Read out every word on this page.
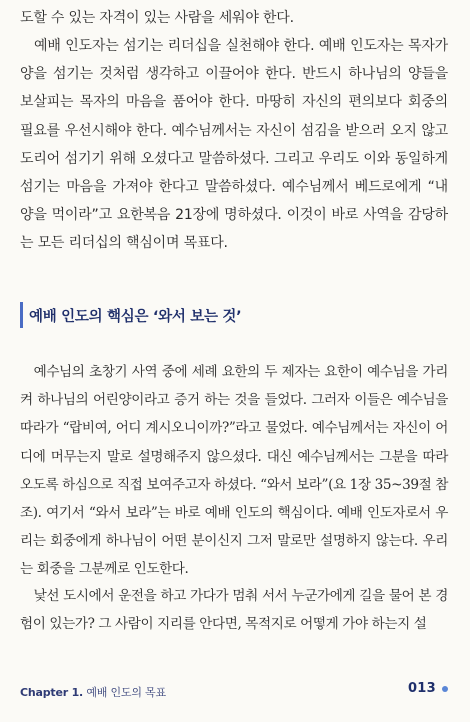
도할 수 있는 자격이 있는 사람을 세워야 한다.

예배 인도자는 섬기는 리더십을 실천해야 한다. 예배 인도자는 목자가 양을 섬기는 것처럼 생각하고 이끌어야 한다. 반드시 하나님의 양들을 보살피는 목자의 마음을 품어야 한다. 마땅히 자신의 편의보다 회중의 필요를 우선시해야 한다. 예수님께서는 자신이 섬김을 받으러 오지 않고 도리어 섬기기 위해 오셨다고 말씀하셨다. 그리고 우리도 이와 동일하게 섬기는 마음을 가져야 한다고 말씀하셨다. 예수님께서 베드로에게 “내 양을 먹이라”고 요한복음 21장에 명하셨다. 이것이 바로 사역을 감당하는 모든 리더십의 핵심이며 목표다.

예배 인도의 핵심은 ‘와서 보는 것’

예수님의 초창기 사역 중에 세례 요한의 두 제자는 요한이 예수님을 가리켜 하나님의 어린양이라고 증거 하는 것을 들었다. 그러자 이들은 예수님을 따라가 “랍비여, 어디 계시오니이까?”라고 물었다. 예수님께서는 자신이 어디에 머무는지 말로 설명해주지 않으셨다. 대신 예수님께서는 그분을 따라오도록 하심으로 직접 보여주고자 하셨다. “와서 보라”(요 1장 35~39절 참조). 여기서 “와서 보라”는 바로 예배 인도의 핵심이다. 예배 인도자로서 우리는 회중에게 하나님이 어떤 분이신지 그저 말로만 설명하지 않는다. 우리는 회중을 그분께로 인도한다.

낯선 도시에서 운전을 하고 가다가 멈춰 서서 누군가에게 길을 물어 본 경험이 있는가? 그 사람이 지리를 안다면, 목적지로 어떻게 가야 하는지 설

Chapter 1. 예배 인도의 목표	013
